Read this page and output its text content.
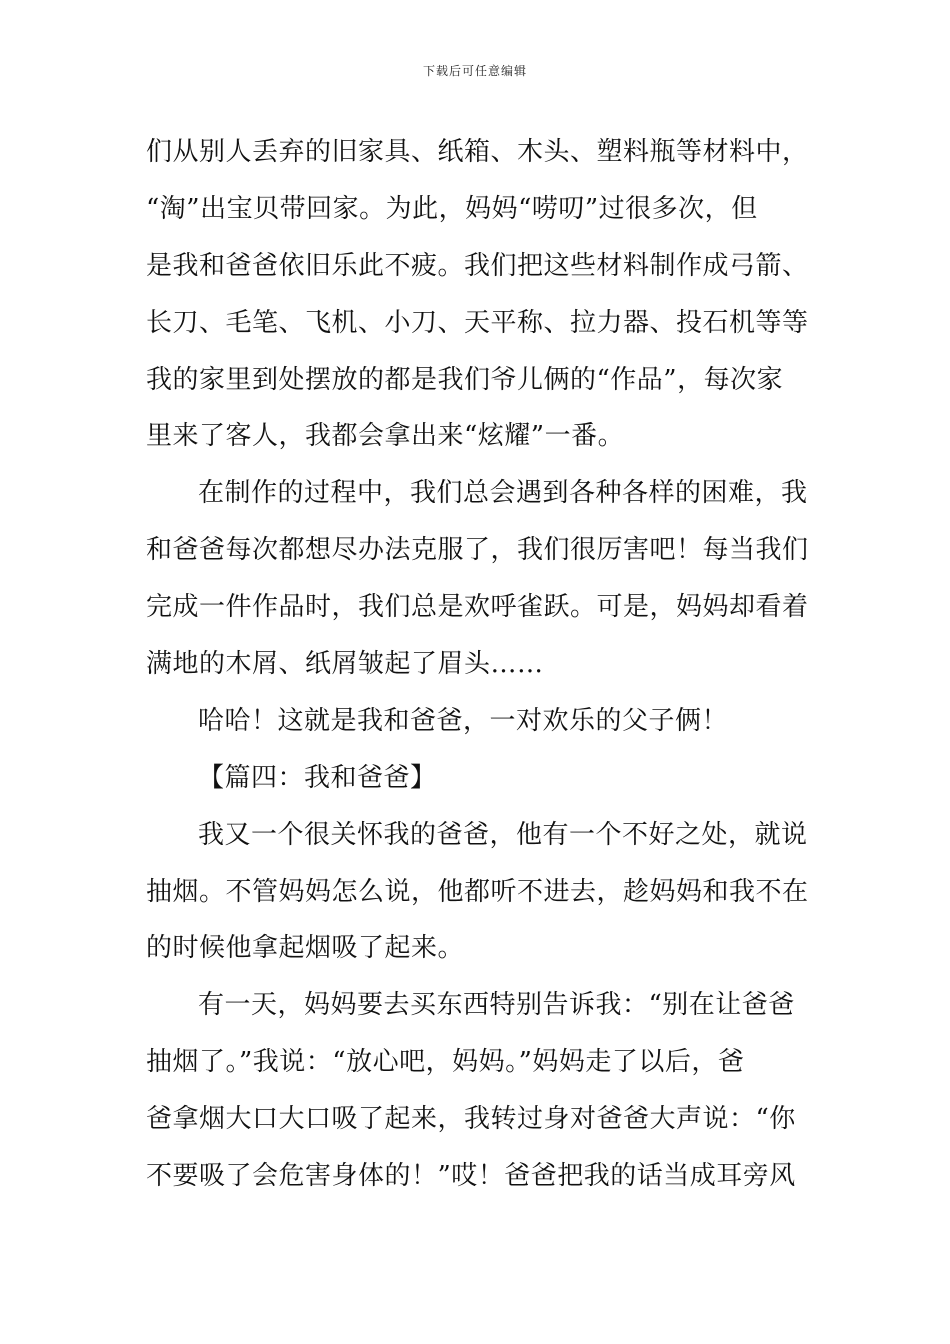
下载后可任意编辑
们从别人丢弃的旧家具、纸箱、木头、塑料瓶等材料中，
“淘”出宝贝带回家。为此，妈妈“唠叨”过很多次，但
是我和爸爸依旧乐此不疲。我们把这些材料制作成弓箭、
长刀、毛笔、飞机、小刀、天平称、拉力器、投石机等等
我的家里到处摆放的都是我们爷儿俩的“作品”，每次家
里来了客人，我都会拿出来“炫耀”一番。
在制作的过程中，我们总会遇到各种各样的困难，我
和爸爸每次都想尽办法克服了，我们很厉害吧！每当我们
完成一件作品时，我们总是欢呼雀跃。可是，妈妈却看着
满地的木屑、纸屑皱起了眉头……
哈哈！这就是我和爸爸，一对欢乐的父子俩！
【篇四：我和爸爸】
我又一个很关怀我的爸爸，他有一个不好之处，就说
抽烟。不管妈妈怎么说，他都听不进去，趁妈妈和我不在
的时候他拿起烟吸了起来。
有一天，妈妈要去买东西特别告诉我：“别在让爸爸
抽烟了。”我说：“放心吧，妈妈。”妈妈走了以后，爸
爸拿烟大口大口吸了起来，我转过身对爸爸大声说：“你
不要吸了会危害身体的！”哎！爸爸把我的话当成耳旁风
